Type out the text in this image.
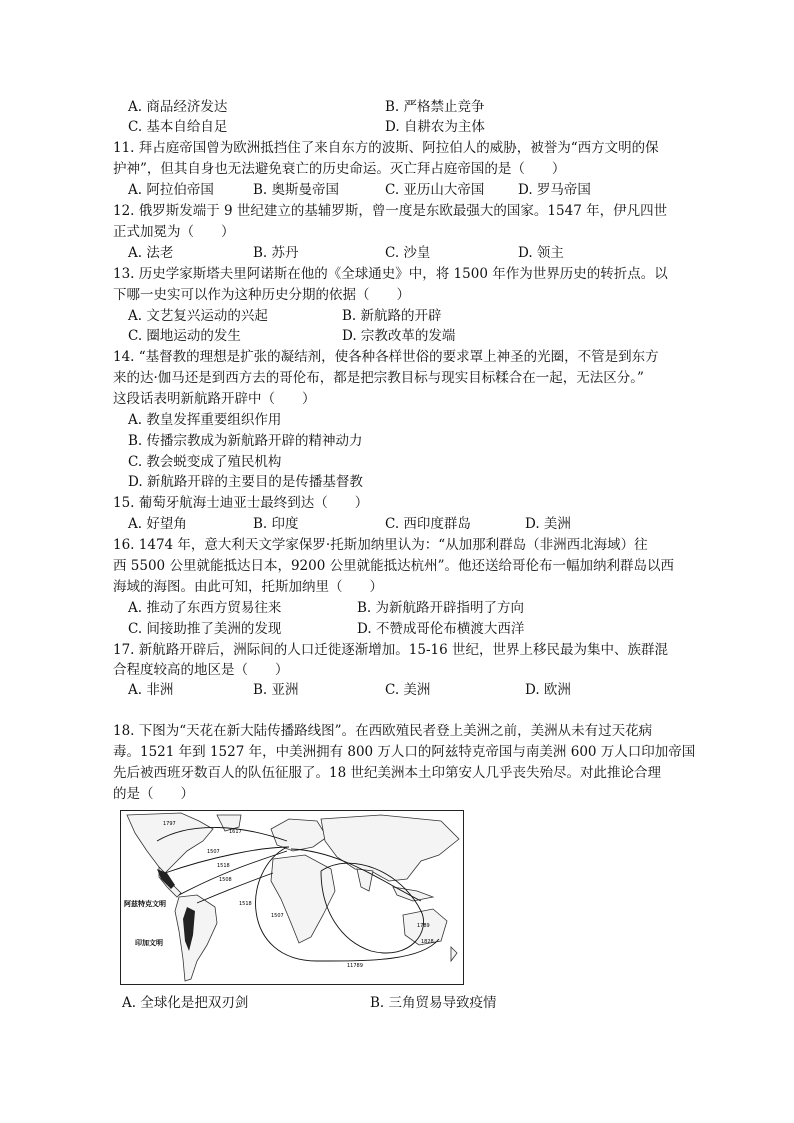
A. 商品经济发达	B. 严格禁止竞争
C. 基本自给自足	D. 自耕农为主体
11. 拜占庭帝国曾为欧洲抵挡住了来自东方的波斯、阿拉伯人的威胁，被誉为“西方文明的保
护神”，但其自身也无法避免衰亡的历史命运。灭亡拜占庭帝国的是（　　）
A. 阿拉伯帝国	B. 奥斯曼帝国	C. 亚历山大帝国 D. 罗马帝国
12. 俄罗斯发端于 9 世纪建立的基辅罗斯，曾一度是东欧最强大的国家。1547 年，伊凡四世
正式加冕为（　　）
A. 法老	B. 苏丹	C. 沙皇	D. 领主
13. 历史学家斯塔夫里阿诺斯在他的《全球通史》中，将 1500 年作为世界历史的转折点。以
下哪一史实可以作为这种历史分期的依据（　　）
A. 文艺复兴运动的兴起	B. 新航路的开辟
C. 圈地运动的发生	D. 宗教改革的发端
14. “基督教的理想是扩张的凝结剂，使各种各样世俗的要求罩上神圣的光圈，不管是到东方
来的达·伽马还是到西方去的哥伦布，都是把宗教目标与现实目标糅合在一起，无法区分。”
这段话表明新航路开辟中（　　）
A. 教皇发挥重要组织作用
B. 传播宗教成为新航路开辟的精神动力
C. 教会蜕变成了殖民机构
D. 新航路开辟的主要目的是传播基督教
15. 葡萄牙航海士迪亚士最终到达（　　）
A. 好望角	B. 印度	C. 西印度群岛	D. 美洲
16. 1474 年，意大利天文学家保罗·托斯加纳里认为：“从加那利群岛（非洲西北海域）往
西 5500 公里就能抵达日本，9200 公里就能抵达杭州”。他还送给哥伦布一幅加纳利群岛以西
海域的海图。由此可知，托斯加纳里（　　）
A. 推动了东西方贸易往来	B. 为新航路开辟指明了方向
C. 间接助推了美洲的发现	D. 不赞成哥伦布横渡大西洋
17. 新航路开辟后，洲际间的人口迁徙逐渐增加。15-16 世纪，世界上移民最为集中、族群混
合程度较高的地区是（　　）
A. 非洲	B. 亚洲	C. 美洲	D. 欧洲
18. 下图为“天花在新大陆传播路线图”。在西欧殖民者登上美洲之前，美洲从未有过天花病
毒。1521 年到 1527 年，中美洲拥有 800 万人口的阿兹特克帝国与南美洲 600 万人口印加帝国
先后被西班牙数百人的队伍征服了。18 世纪美洲本土印第安人几乎丧失殆尽。对此推论合理
的是（　　）
1797
1507
1518
1617
1508
1518
1507
1789
1828
11789
阿兹特克文明
印加文明
A. 全球化是把双刃剑	B. 三角贸易导致疫情
